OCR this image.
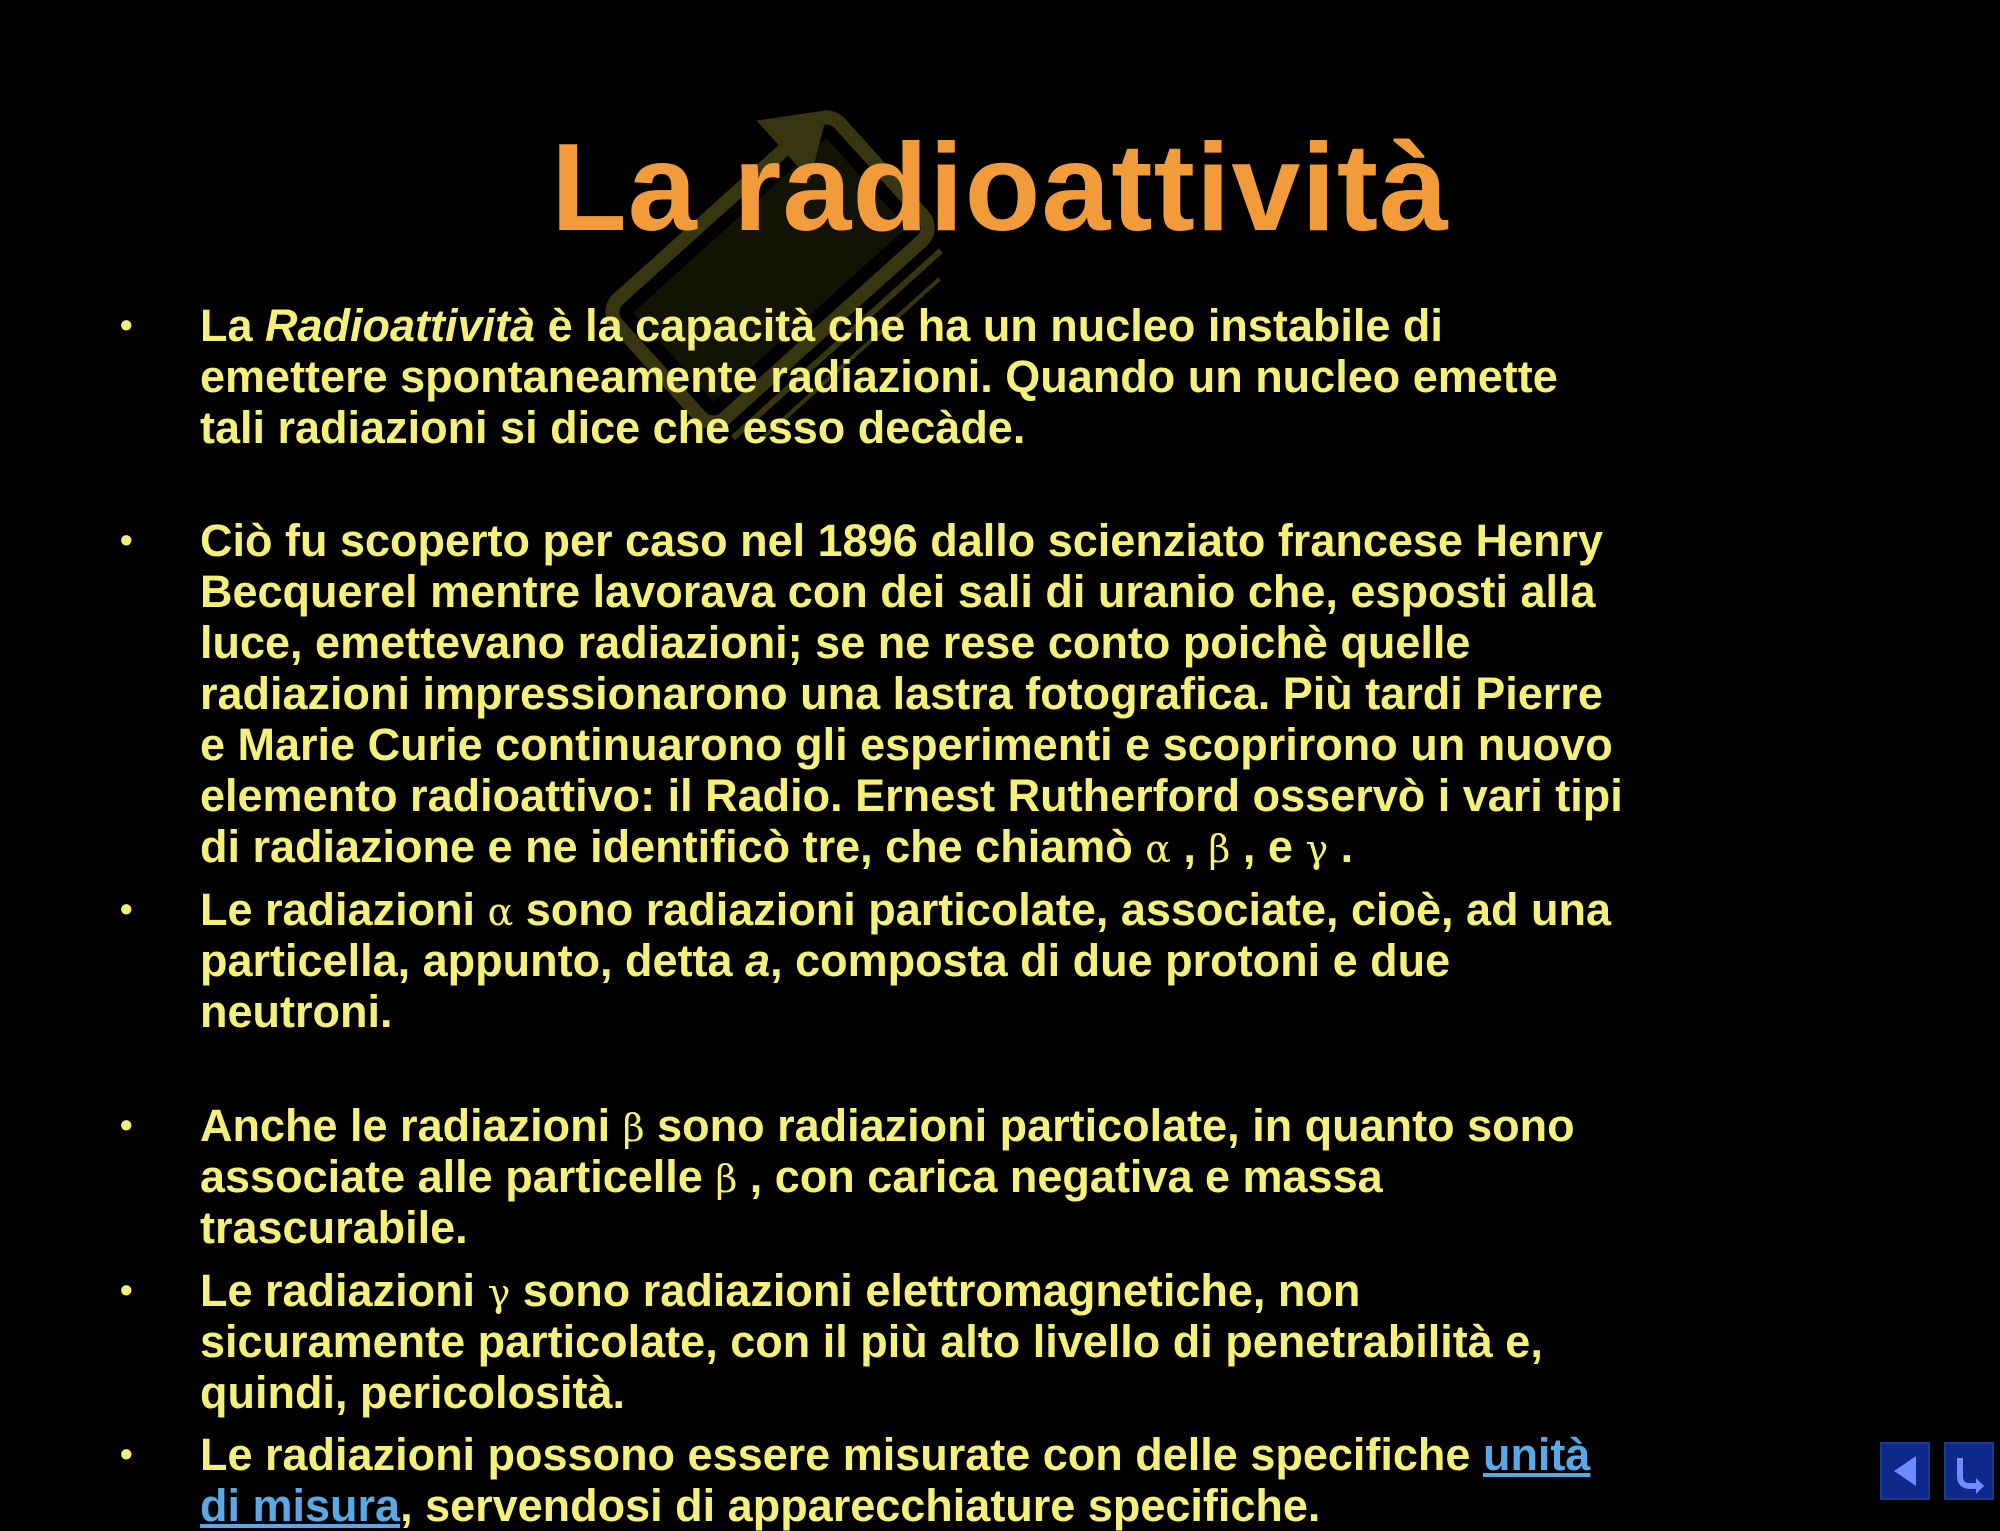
La radioattività
•	La Radioattività è la capacità che ha un nucleo instabile di
emettere spontaneamente radiazioni. Quando un nucleo emette
tali radiazioni si dice che esso decàde.
•	Ciò fu scoperto per caso nel 1896 dallo scienziato francese Henry
Becquerel mentre lavorava con dei sali di uranio che, esposti alla
luce, emettevano radiazioni; se ne rese conto poichè quelle
radiazioni impressionarono una lastra fotografica. Più tardi Pierre
e Marie Curie continuarono gli esperimenti e scoprirono un nuovo
elemento radioattivo: il Radio. Ernest Rutherford osservò i vari tipi
di radiazione e ne identificò tre, che chiamò α , β , e γ .
•	Le radiazioni α sono radiazioni particolate, associate, cioè, ad una
particella, appunto, detta a, composta di due protoni e due
neutroni.
•	Anche le radiazioni β sono radiazioni particolate, in quanto sono
associate alle particelle β , con carica negativa e massa
trascurabile.
•	Le radiazioni γ sono radiazioni elettromagnetiche, non
sicuramente particolate, con il più alto livello di penetrabilità e,
quindi, pericolosità.
•	Le radiazioni possono essere misurate con delle specifiche unità
di misura, servendosi di apparecchiature specifiche.
